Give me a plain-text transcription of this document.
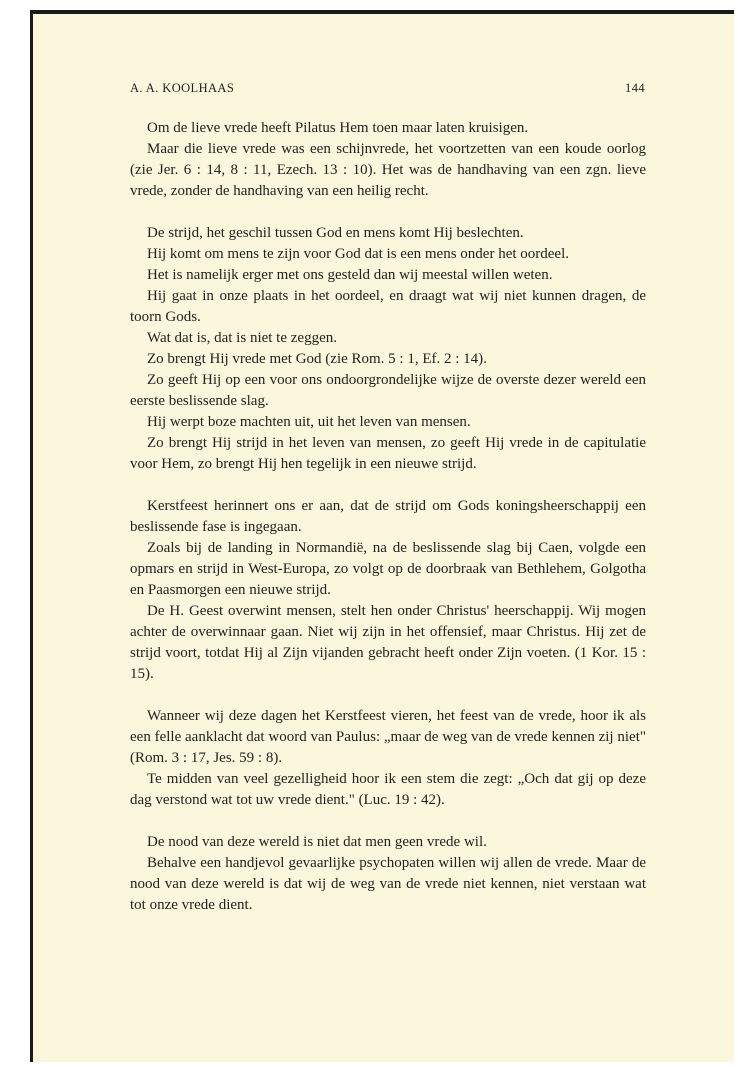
A. A. KOOLHAAS	144

Om de lieve vrede heeft Pilatus Hem toen maar laten kruisigen.

Maar die lieve vrede was een schijnvrede, het voortzetten van een koude oorlog (zie Jer. 6 : 14, 8 : 11, Ezech. 13 : 10). Het was de handhaving van een zgn. lieve vrede, zonder de handhaving van een heilig recht.

De strijd, het geschil tussen God en mens komt Hij beslechten.

Hij komt om mens te zijn voor God dat is een mens onder het oordeel.

Het is namelijk erger met ons gesteld dan wij meestal willen weten.

Hij gaat in onze plaats in het oordeel, en draagt wat wij niet kunnen dragen, de toorn Gods.

Wat dat is, dat is niet te zeggen.

Zo brengt Hij vrede met God (zie Rom. 5 : 1, Ef. 2 : 14).

Zo geeft Hij op een voor ons ondoorgrondelijke wijze de overste dezer wereld een eerste beslissende slag.

Hij werpt boze machten uit, uit het leven van mensen.

Zo brengt Hij strijd in het leven van mensen, zo geeft Hij vrede in de capitulatie voor Hem, zo brengt Hij hen tegelijk in een nieuwe strijd.

Kerstfeest herinnert ons er aan, dat de strijd om Gods koningsheerschappij een beslissende fase is ingegaan.

Zoals bij de landing in Normandië, na de beslissende slag bij Caen, volgde een opmars en strijd in West-Europa, zo volgt op de doorbraak van Bethlehem, Golgotha en Paasmorgen een nieuwe strijd.

De H. Geest overwint mensen, stelt hen onder Christus' heerschappij. Wij mogen achter de overwinnaar gaan. Niet wij zijn in het offensief, maar Christus. Hij zet de strijd voort, totdat Hij al Zijn vijanden gebracht heeft onder Zijn voeten. (1 Kor. 15 : 15).

Wanneer wij deze dagen het Kerstfeest vieren, het feest van de vrede, hoor ik als een felle aanklacht dat woord van Paulus: „maar de weg van de vrede kennen zij niet" (Rom. 3 : 17, Jes. 59 : 8).

Te midden van veel gezelligheid hoor ik een stem die zegt: „Och dat gij op deze dag verstond wat tot uw vrede dient." (Luc. 19 : 42).

De nood van deze wereld is niet dat men geen vrede wil.

Behalve een handjevol gevaarlijke psychopaten willen wij allen de vrede. Maar de nood van deze wereld is dat wij de weg van de vrede niet kennen, niet verstaan wat tot onze vrede dient.
